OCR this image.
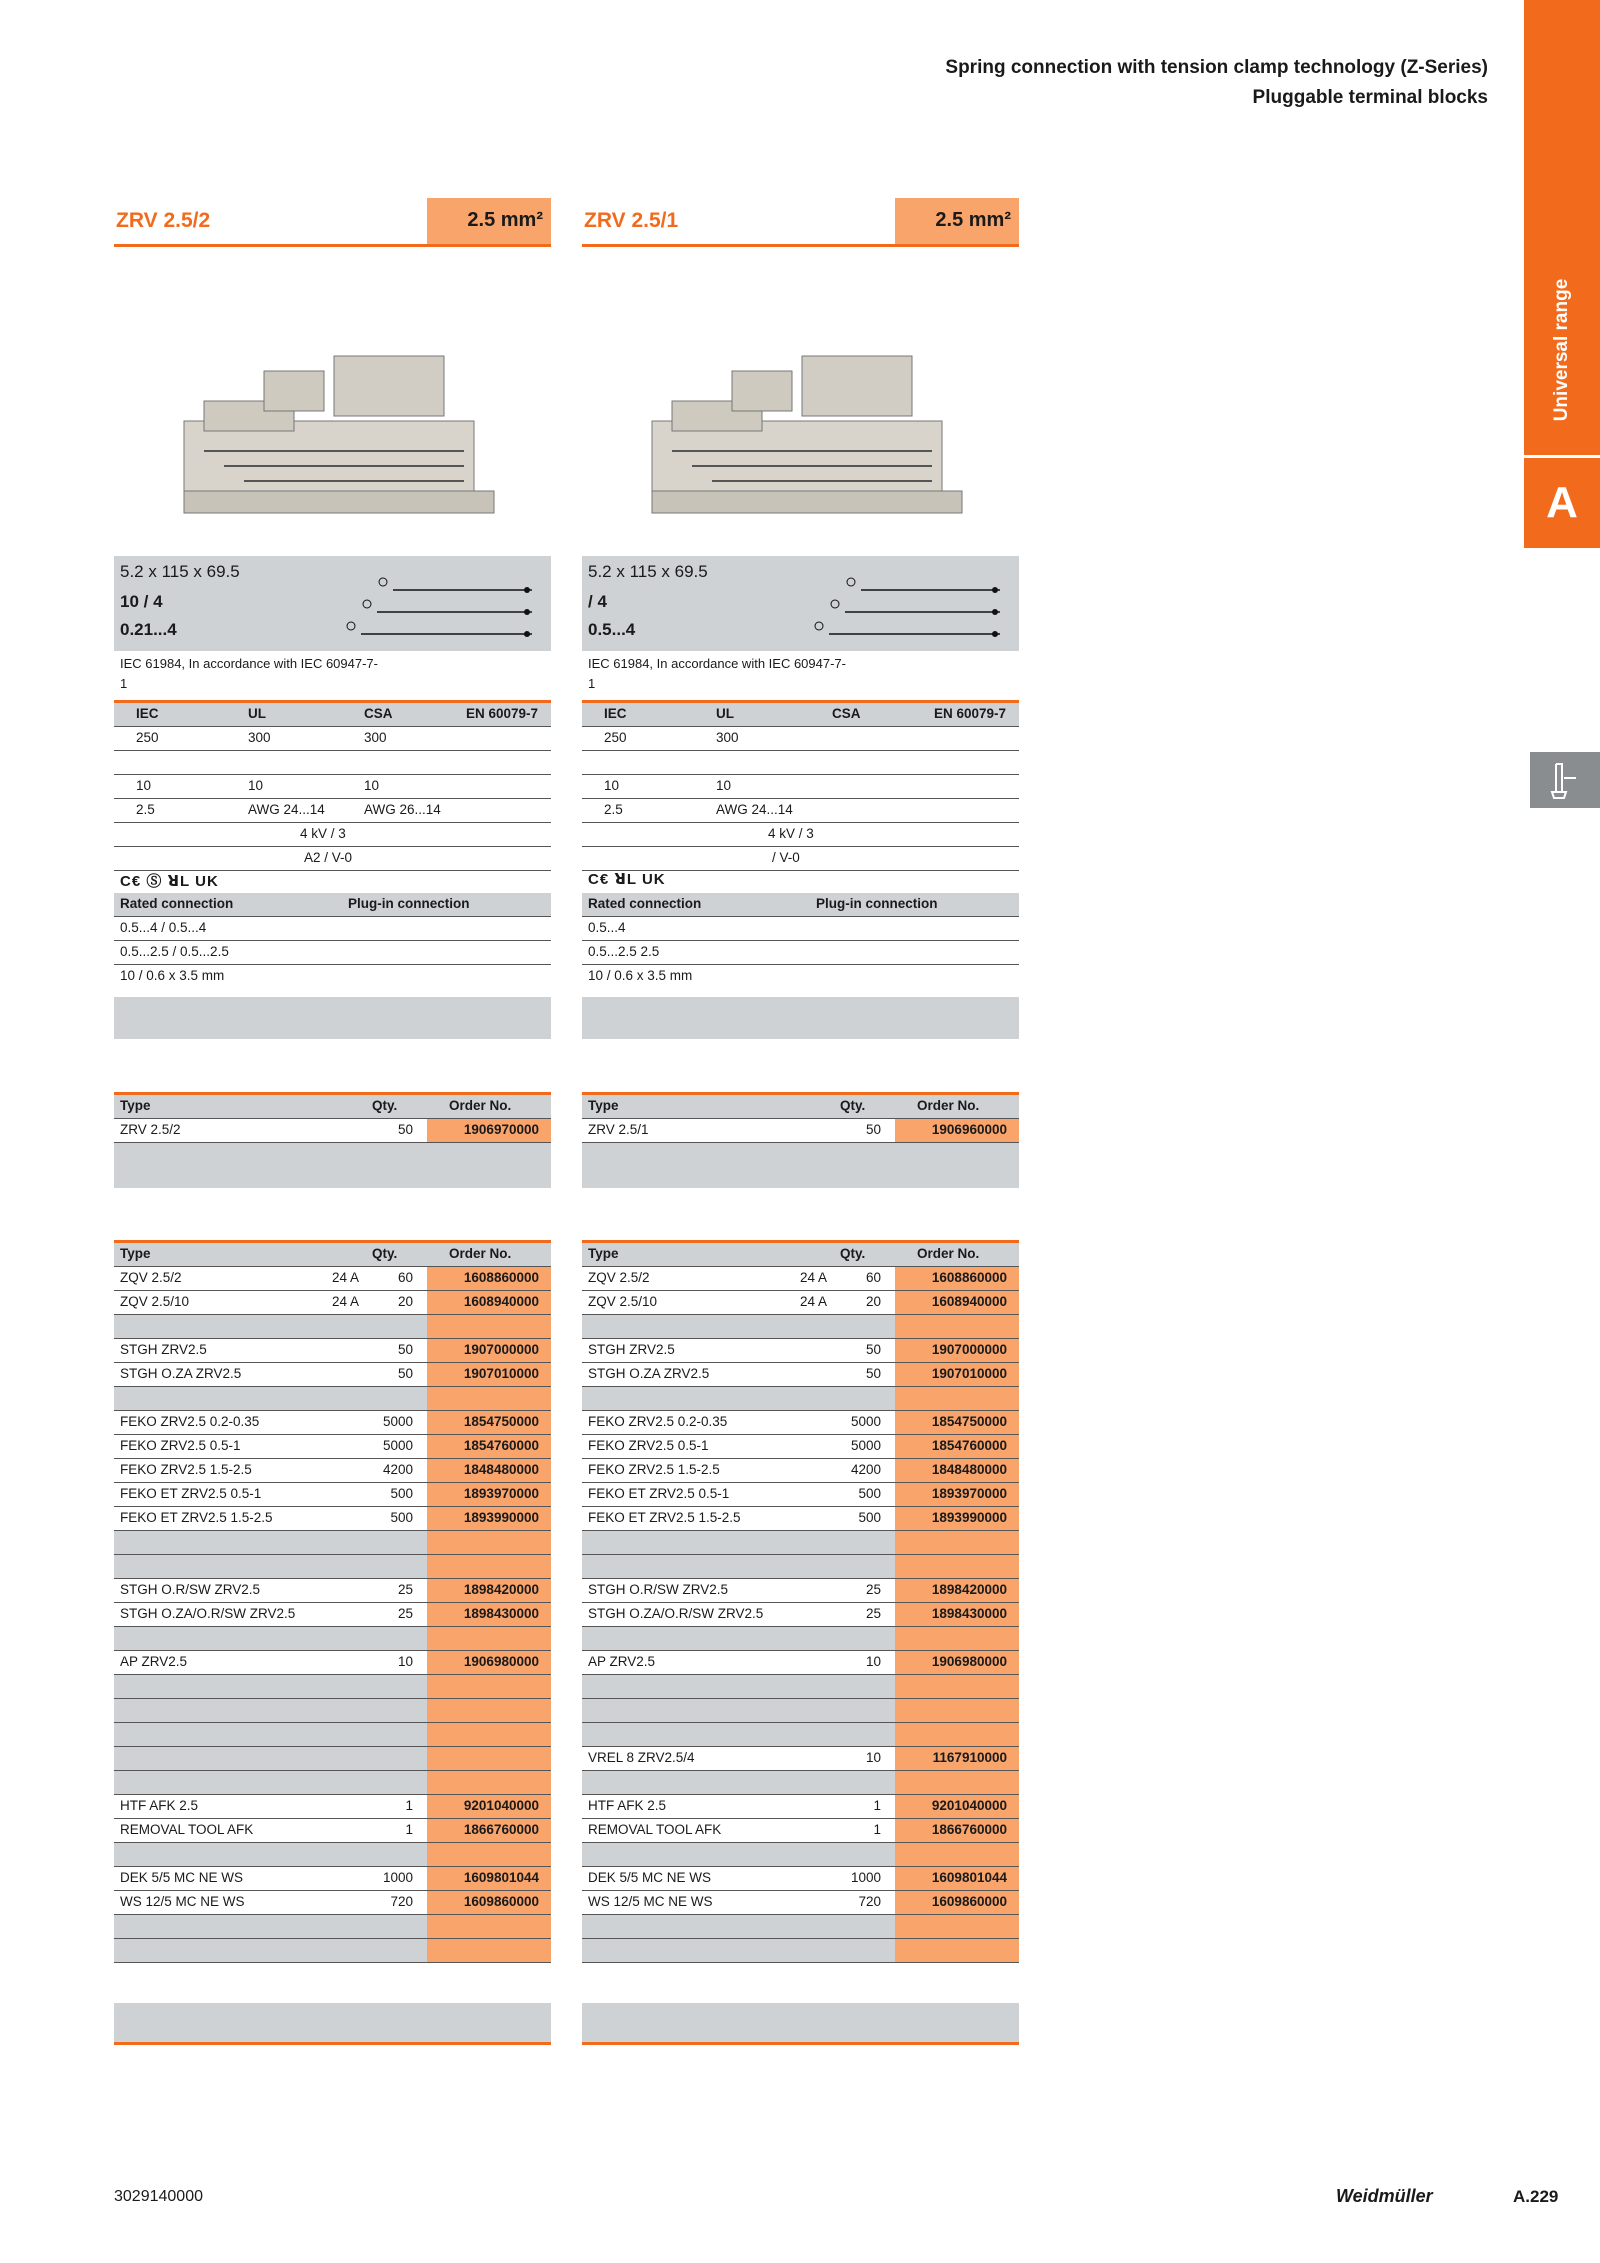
Spring connection with tension clamp technology (Z-Series)
Pluggable terminal blocks
Universal range
A
ZRV 2.5/2	2.5 mm²
5.2 x 115 x 69.5
10 / 4
0.21...4
IEC 61984, In accordance with IEC 60947-7-1
IEC	UL	CSA	EN 60079-7
250	300	300
10	10	10
2.5	AWG 24...14	AWG 26...14
4 kV / 3
A2 / V-0
C€ Ⓢ ꓤL UK
Rated connection	Plug-in connection
0.5...4 / 0.5...4
0.5...2.5 / 0.5...2.5
10 / 0.6 x 3.5 mm
Type	Qty.	Order No.
ZRV 2.5/2	50	1906970000
Type	Qty.	Order No.
ZQV 2.5/2	24 A	60	1608860000
ZQV 2.5/10	24 A	20	1608940000
STGH ZRV2.5	50	1907000000
STGH O.ZA ZRV2.5	50	1907010000
FEKO ZRV2.5 0.2-0.35	5000	1854750000
FEKO ZRV2.5 0.5-1	5000	1854760000
FEKO ZRV2.5 1.5-2.5	4200	1848480000
FEKO ET ZRV2.5 0.5-1	500	1893970000
FEKO ET ZRV2.5 1.5-2.5	500	1893990000
STGH O.R/SW ZRV2.5	25	1898420000
STGH O.ZA/O.R/SW ZRV2.5	25	1898430000
AP ZRV2.5	10	1906980000
HTF AFK 2.5	1	9201040000
REMOVAL TOOL AFK	1	1866760000
DEK 5/5 MC NE WS	1000	1609801044
WS 12/5 MC NE WS	720	1609860000
ZRV 2.5/1	2.5 mm²
5.2 x 115 x 69.5
/ 4
0.5...4
IEC 61984, In accordance with IEC 60947-7-1
IEC	UL	CSA	EN 60079-7
250	300
10	10
2.5	AWG 24...14
4 kV / 3
/ V-0
C€ ꓤL UK
Rated connection	Plug-in connection
0.5...4
0.5...2.5 2.5
10 / 0.6 x 3.5 mm
Type	Qty.	Order No.
ZRV 2.5/1	50	1906960000
Type	Qty.	Order No.
ZQV 2.5/2	24 A	60	1608860000
ZQV 2.5/10	24 A	20	1608940000
STGH ZRV2.5	50	1907000000
STGH O.ZA ZRV2.5	50	1907010000
FEKO ZRV2.5 0.2-0.35	5000	1854750000
FEKO ZRV2.5 0.5-1	5000	1854760000
FEKO ZRV2.5 1.5-2.5	4200	1848480000
FEKO ET ZRV2.5 0.5-1	500	1893970000
FEKO ET ZRV2.5 1.5-2.5	500	1893990000
STGH O.R/SW ZRV2.5	25	1898420000
STGH O.ZA/O.R/SW ZRV2.5	25	1898430000
AP ZRV2.5	10	1906980000
VREL 8 ZRV2.5/4	10	1167910000
HTF AFK 2.5	1	9201040000
REMOVAL TOOL AFK	1	1866760000
DEK 5/5 MC NE WS	1000	1609801044
WS 12/5 MC NE WS	720	1609860000
3029140000	Weidmüller	A.229
